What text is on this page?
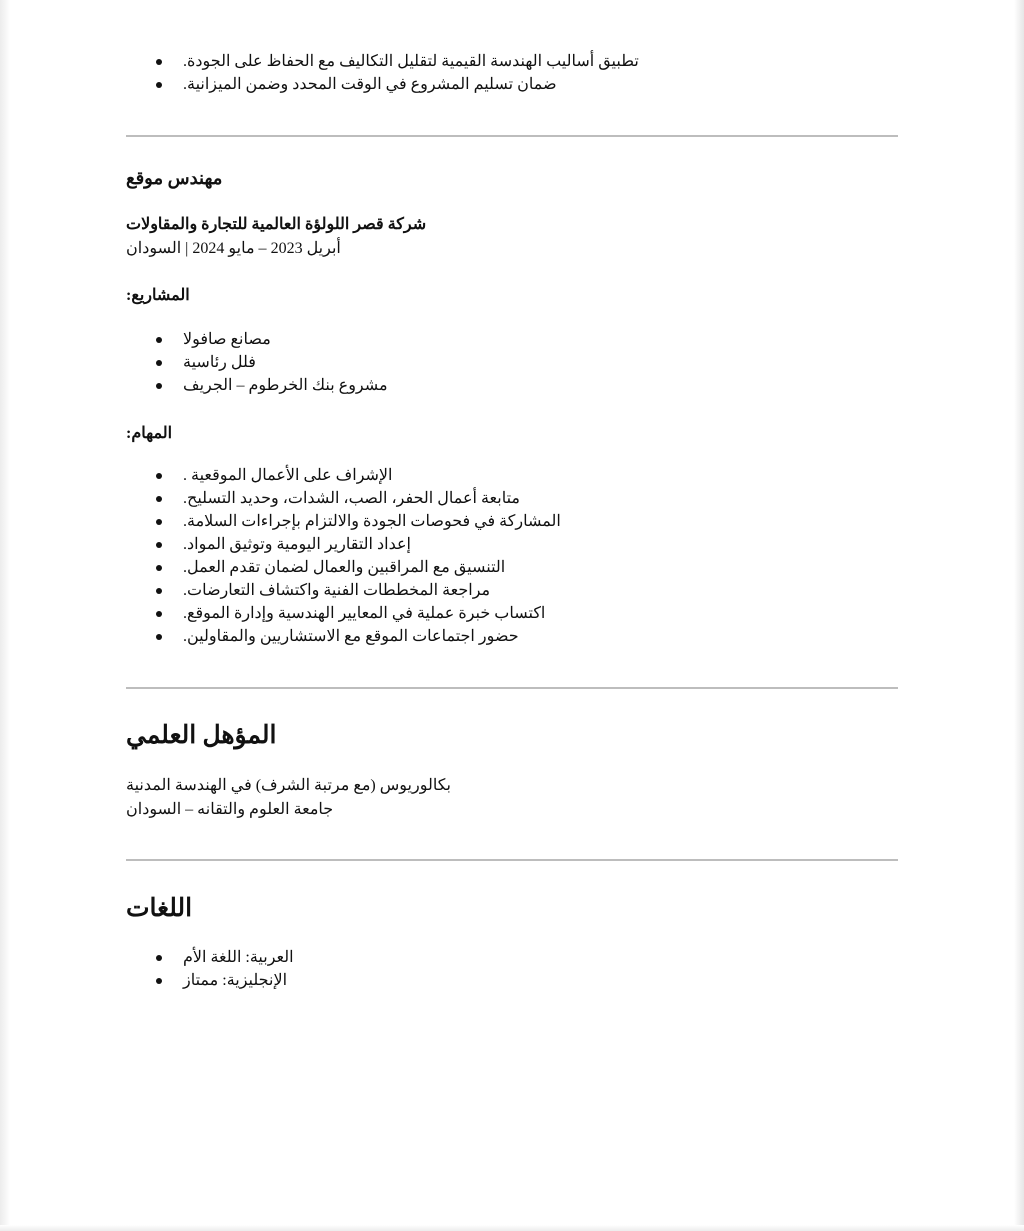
تطبيق أساليب الهندسة القيمية لتقليل التكاليف مع الحفاظ على الجودة.
ضمان تسليم المشروع في الوقت المحدد وضمن الميزانية.
مهندس موقع
شركة قصر اللولؤة العالمية للتجارة والمقاولات
أبريل 2023 – مايو 2024 | السودان
المشاريع:
مصانع صافولا
فلل رئاسية
مشروع بنك الخرطوم – الجريف
المهام:
الإشراف على الأعمال الموقعية .
متابعة أعمال الحفر، الصب، الشدات، وحديد التسليح.
المشاركة في فحوصات الجودة والالتزام بإجراءات السلامة.
إعداد التقارير اليومية وتوثيق المواد.
التنسيق مع المراقبين والعمال لضمان تقدم العمل.
مراجعة المخططات الفنية واكتشاف التعارضات.
اكتساب خبرة عملية في المعايير الهندسية وإدارة الموقع.
حضور اجتماعات الموقع مع الاستشاريين والمقاولين.
المؤهل العلمي
بكالوريوس (مع مرتبة الشرف) في الهندسة المدنية
جامعة العلوم والتقانه – السودان
اللغات
العربية: اللغة الأم
الإنجليزية: ممتاز
